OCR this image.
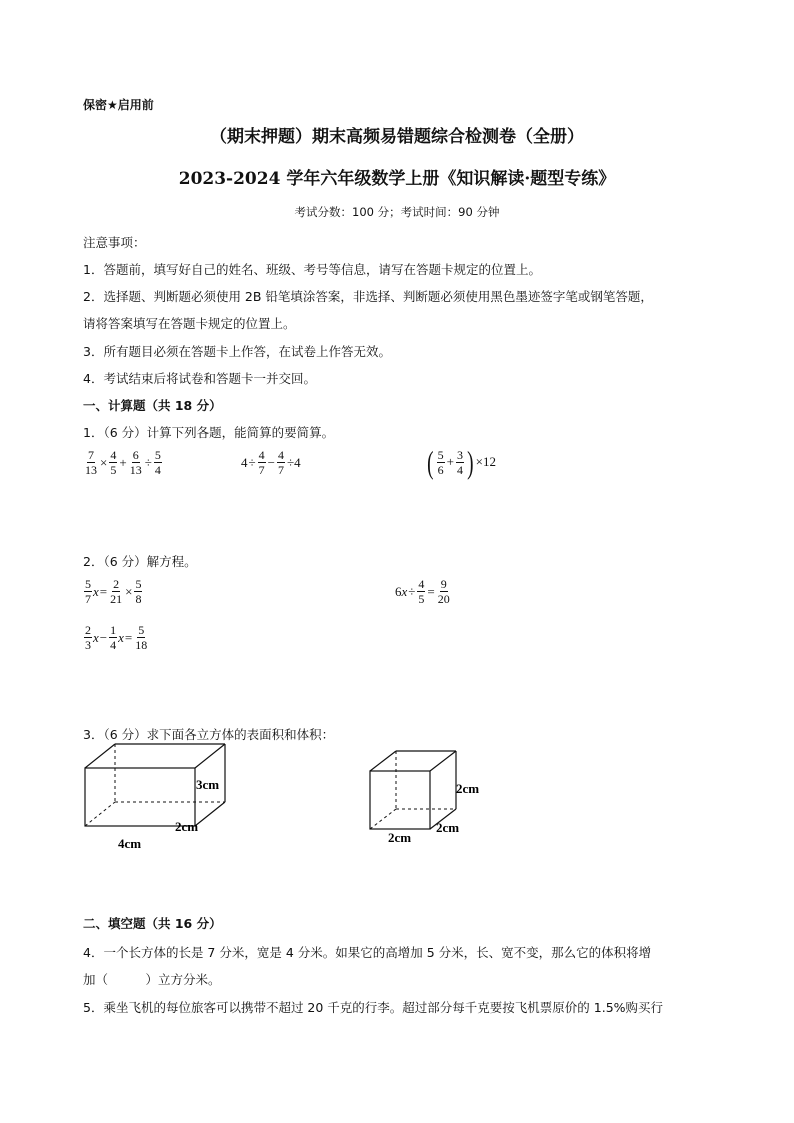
保密★启用前
（期末押题）期末高频易错题综合检测卷（全册）
2023-2024 学年六年级数学上册《知识解读·题型专练》
考试分数：100 分；考试时间：90 分钟
注意事项：
1．答题前，填写好自己的姓名、班级、考号等信息，请写在答题卡规定的位置上。
2．选择题、判断题必须使用 2B 铅笔填涂答案，非选择、判断题必须使用黑色墨迹签字笔或钢笔答题，
请将答案填写在答题卡规定的位置上。
3．所有题目必须在答题卡上作答，在试卷上作答无效。
4．考试结束后将试卷和答题卡一并交回。
一、计算题（共 18 分）
1．（6 分）计算下列各题，能简算的要简算。
$\frac{7}{13} \times \frac{4}{5} + \frac{6}{13} \div \frac{5}{4}$	$4 \div \frac{4}{7} - \frac{4}{7} \div 4$	( $\frac{5}{6} + \frac{3}{4}$ ) ×12
2．（6 分）解方程。
$\frac{5}{7}$ $x = \frac{2}{21} \times \frac{5}{8}$	6 $x \div \frac{4}{5} = \frac{9}{20}$
$\frac{2}{3}$ $x - \frac{1}{4}$ $x = \frac{5}{18}$
3．（6 分）求下面各立方体的表面积和体积：
3cm
2cm
4cm
2cm
2cm
2cm
二、填空题（共 16 分）
4．一个长方体的长是 7 分米，宽是 4 分米。如果它的高增加 5 分米，长、宽不变，那么它的体积将增
加（　　　）立方分米。
5．乘坐飞机的每位旅客可以携带不超过 20 千克的行李。超过部分每千克要按飞机票原价的 1.5%购买行
